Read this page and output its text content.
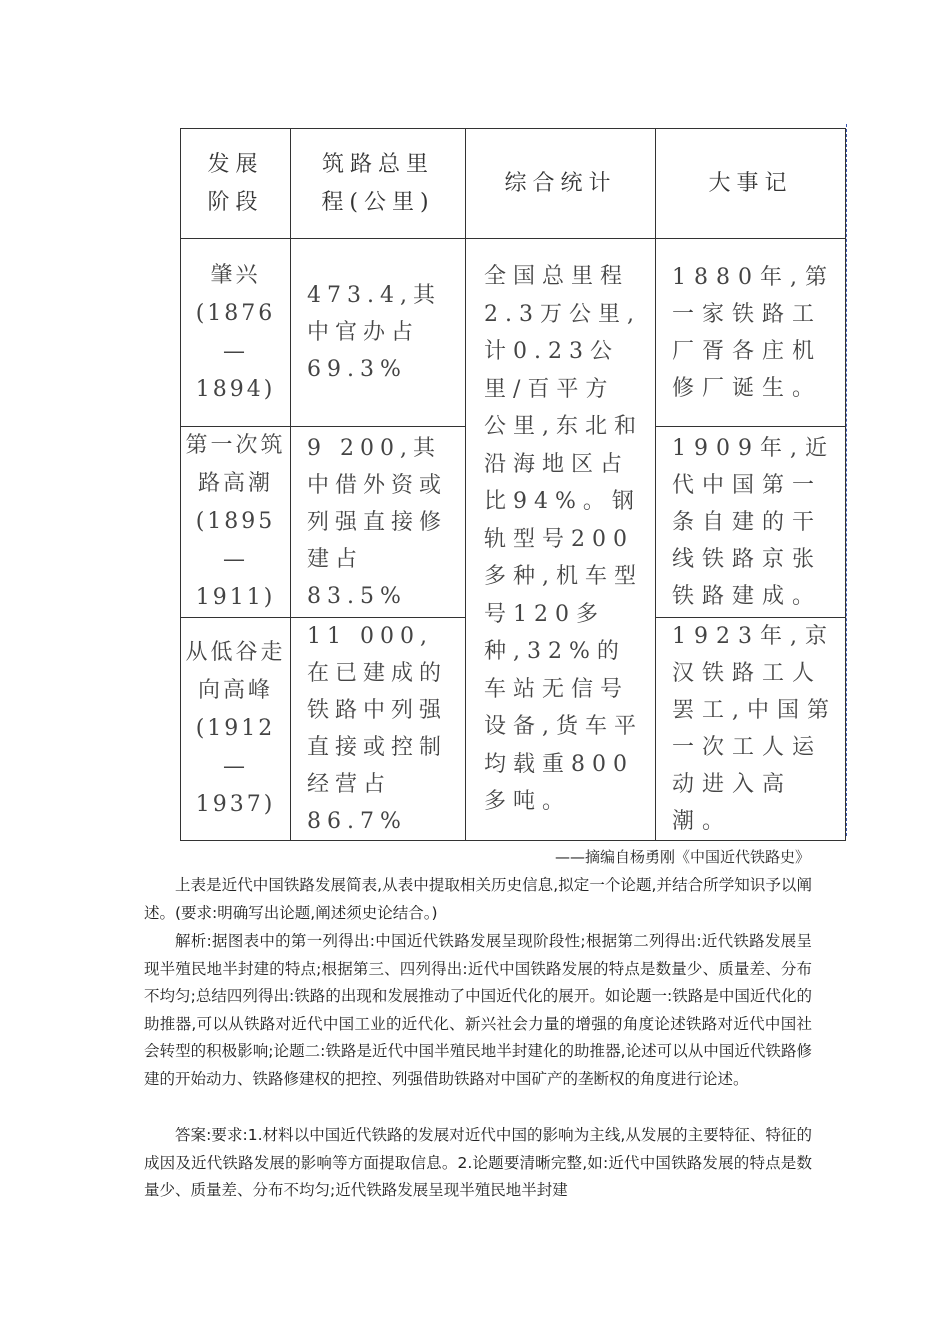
发展阶段	筑路总里程(公里)	综合统计	大事记

肇兴(1876—1894)	473.4,其中官办占69.3%	全国总里程2.3万公里,计0.23公里/百平方公里,东北和沿海地区占比94%。钢轨型号200多种,机车型号120多种,32%的车站无信号设备,货车平均载重800多吨。	1880年,第一家铁路工厂胥各庄机修厂诞生。

第一次筑路高潮(1895—1911)	9 200,其中借外资或列强直接修建占83.5%		1909年,近代中国第一条自建的干线铁路京张铁路建成。

从低谷走向高峰(1912—1937)	11 000,在已建成的铁路中列强直接或控制经营占86.7%		1923年,京汉铁路工人罢工,中国第一次工人运动进入高潮。
——摘编自杨勇刚《中国近代铁路史》
上表是近代中国铁路发展简表,从表中提取相关历史信息,拟定一个论题,并结合所学知识予以阐述。(要求:明确写出论题,阐述须史论结合。)
解析:据图表中的第一列得出:中国近代铁路发展呈现阶段性;根据第二列得出:近代铁路发展呈现半殖民地半封建的特点;根据第三、四列得出:近代中国铁路发展的特点是数量少、质量差、分布不均匀;总结四列得出:铁路的出现和发展推动了中国近代化的展开。如论题一:铁路是中国近代化的助推器,可以从铁路对近代中国工业的近代化、新兴社会力量的增强的角度论述铁路对近代中国社会转型的积极影响;论题二:铁路是近代中国半殖民地半封建化的助推器,论述可以从中国近代铁路修建的开始动力、铁路修建权的把控、列强借助铁路对中国矿产的垄断权的角度进行论述。
答案:要求:1.材料以中国近代铁路的发展对近代中国的影响为主线,从发展的主要特征、特征的成因及近代铁路发展的影响等方面提取信息。2.论题要清晰完整,如:近代中国铁路发展的特点是数量少、质量差、分布不均匀;近代铁路发展呈现半殖民地半封建
